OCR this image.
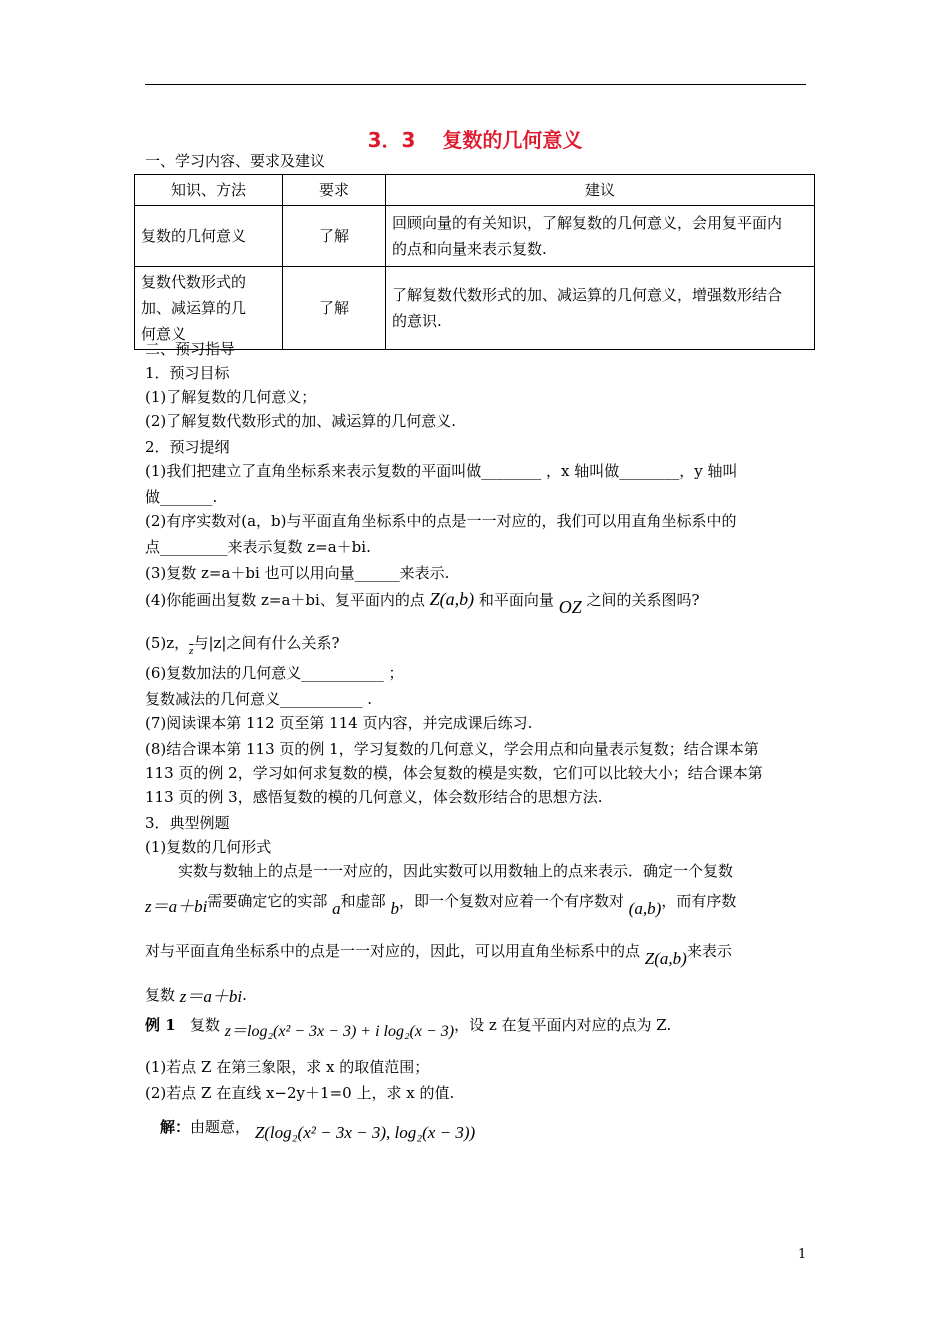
3．3　 复数的几何意义
一、学习内容、要求及建议
知识、方法	要求	建议
复数的几何意义	了解	回顾向量的有关知识，了解复数的几何意义，会用复平面内
的点和向量来表示复数.
复数代数形式的
加、减运算的几
何意义	了解	了解复数代数形式的加、减运算的几何意义，增强数形结合
的意识.
二、预习指导
1．预习目标
(1)了解复数的几何意义；
(2)了解复数代数形式的加、减运算的几何意义.
2．预习提纲
(1)我们把建立了直角坐标系来表示复数的平面叫做________ ，x 轴叫做________，y 轴叫
做_______.
(2)有序实数对(a，b)与平面直角坐标系中的点是一一对应的，我们可以用直角坐标系中的
点_________来表示复数 z=a＋bi.
(3)复数 z=a＋bi 也可以用向量______来表示.
(4)你能画出复数 z=a＋bi、复平面内的点 Z(a,b) 和平面向量 OZ 之间的关系图吗?
(5)z，$_{\overline{z}}$与|z|之间有什么关系?
(6)复数加法的几何意义___________ ；
复数减法的几何意义___________ .
(7)阅读课本第 112 页至第 114 页内容，并完成课后练习.
(8)结合课本第 113 页的例 1，学习复数的几何意义，学会用点和向量表示复数；结合课本第
113 页的例 2，学习如何求复数的模，体会复数的模是实数，它们可以比较大小；结合课本第
113 页的例 3，感悟复数的模的几何意义，体会数形结合的思想方法.
3．典型例题
(1)复数的几何形式
实数与数轴上的点是一一对应的，因此实数可以用数轴上的点来表示．确定一个复数
z＝a＋bi需要确定它的实部 a和虚部 b，即一个复数对应着一个有序数对 (a,b)，而有序数
对与平面直角坐标系中的点是一一对应的，因此，可以用直角坐标系中的点 Z(a,b)来表示
复数 z＝a＋bi.
例 1 复数 z＝log₂(x² − 3x − 3) + i log₂(x − 3)，设 z 在复平面内对应的点为 Z.
(1)若点 Z 在第三象限，求 x 的取值范围；
(2)若点 Z 在直线 x−2y＋1=0 上，求 x 的值.
解：由题意， Z(log₂(x² − 3x − 3), log₂(x − 3))
1
